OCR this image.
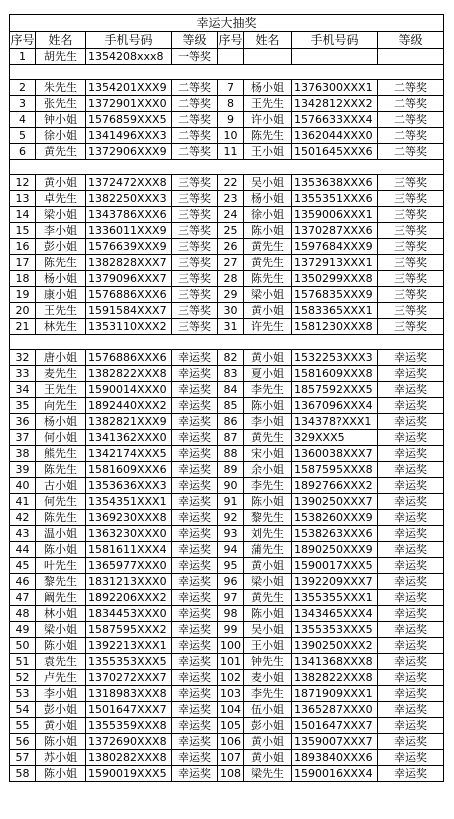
幸运大抽奖							
序号	姓名	手机号码	等级	序号	姓名	手机号码	等级
1	胡先生	1354208xxx8	一等奖				

2	朱先生	1354201XXX9	二等奖	7	杨小姐	1376300XXX1	二等奖
3	张先生	1372901XXX0	二等奖	8	王先生	1342812XXX2	二等奖
4	钟小姐	1576859XXX5	二等奖	9	许小姐	1576633XXX4	二等奖
5	徐小姐	1341496XXX3	二等奖	10	陈先生	1362044XXX0	二等奖
6	黄先生	1372906XXX9	二等奖	11	王小姐	1501645XXX6	二等奖

12	黄小姐	1372472XXX8	三等奖	22	吴小姐	1353638XXX6	三等奖
13	卓先生	1382250XXX3	三等奖	23	杨小姐	1355351XXX6	三等奖
14	梁小姐	1343786XXX6	三等奖	24	徐小姐	1359006XXX1	三等奖
15	李小姐	1336011XXX9	三等奖	25	陈小姐	1370287XXX6	三等奖
16	彭小姐	1576639XXX9	三等奖	26	黄先生	1597684XXX9	三等奖
17	陈先生	1382828XXX7	三等奖	27	黄先生	1372913XXX1	三等奖
18	杨小姐	1379096XXX7	三等奖	28	陈先生	1350299XXX8	三等奖
19	康小姐	1576886XXX6	三等奖	29	梁小姐	1576835XXX9	三等奖
20	王先生	1591584XXX7	三等奖	30	黄小姐	1583365XXX1	三等奖
21	林先生	1353110XXX2	三等奖	31	许先生	1581230XXX8	三等奖

32	唐小姐	1576886XXX6	幸运奖	82	黄小姐	1532253XXX3	幸运奖
33	麦先生	1382822XXX8	幸运奖	83	夏小姐	1581609XXX8	幸运奖
34	王先生	1590014XXX0	幸运奖	84	李先生	1857592XXX5	幸运奖
35	向先生	1892440XXX2	幸运奖	85	陈小姐	1367096XXX4	幸运奖
36	杨小姐	1382821XXX9	幸运奖	86	李小姐	134378?XXX1	幸运奖
37	何小姐	1341362XXX0	幸运奖	87	黄先生	329XXX5	幸运奖
38	熊先生	1342174XXX5	幸运奖	88	宋小姐	1360038XXX7	幸运奖
39	陈先生	1581609XXX6	幸运奖	89	余小姐	1587595XXX8	幸运奖
40	古小姐	1353636XXX3	幸运奖	90	李先生	1892766XXX2	幸运奖
41	何先生	1354351XXX1	幸运奖	91	陈小姐	1390250XXX7	幸运奖
42	陈先生	1369230XXX8	幸运奖	92	黎先生	1538260XXX9	幸运奖
43	温小姐	1363230XXX0	幸运奖	93	刘先生	1538263XXX6	幸运奖
44	陈小姐	1581611XXX4	幸运奖	94	蒲先生	1890250XXX9	幸运奖
45	叶先生	1365977XXX0	幸运奖	95	黄小姐	1590017XXX5	幸运奖
46	黎先生	1831213XXX0	幸运奖	96	梁小姐	1392209XXX7	幸运奖
47	阚先生	1892206XXX2	幸运奖	97	黄先生	1355355XXX1	幸运奖
48	林小姐	1834453XXX0	幸运奖	98	陈小姐	1343465XXX4	幸运奖
49	梁小姐	1587595XXX2	幸运奖	99	吴小姐	1355353XXX5	幸运奖
50	陈小姐	1392213XXX1	幸运奖	100	王小姐	1390250XXX2	幸运奖
51	袁先生	1355353XXX5	幸运奖	101	钟先生	1341368XXX8	幸运奖
52	卢先生	1370272XXX7	幸运奖	102	麦小姐	1382822XXX8	幸运奖
53	李小姐	1318983XXX8	幸运奖	103	李先生	1871909XXX1	幸运奖
54	彭小姐	1501647XXX7	幸运奖	104	伍小姐	1365287XXX0	幸运奖
55	黄小姐	1355359XXX8	幸运奖	105	彭小姐	1501647XXX7	幸运奖
56	陈小姐	1372690XXX8	幸运奖	106	黄小姐	1359007XXX7	幸运奖
57	苏小姐	1380282XXX8	幸运奖	107	黄小姐	1893840XXX6	幸运奖
58	陈小姐	1590019XXX5	幸运奖	108	梁先生	1590016XXX4	幸运奖
